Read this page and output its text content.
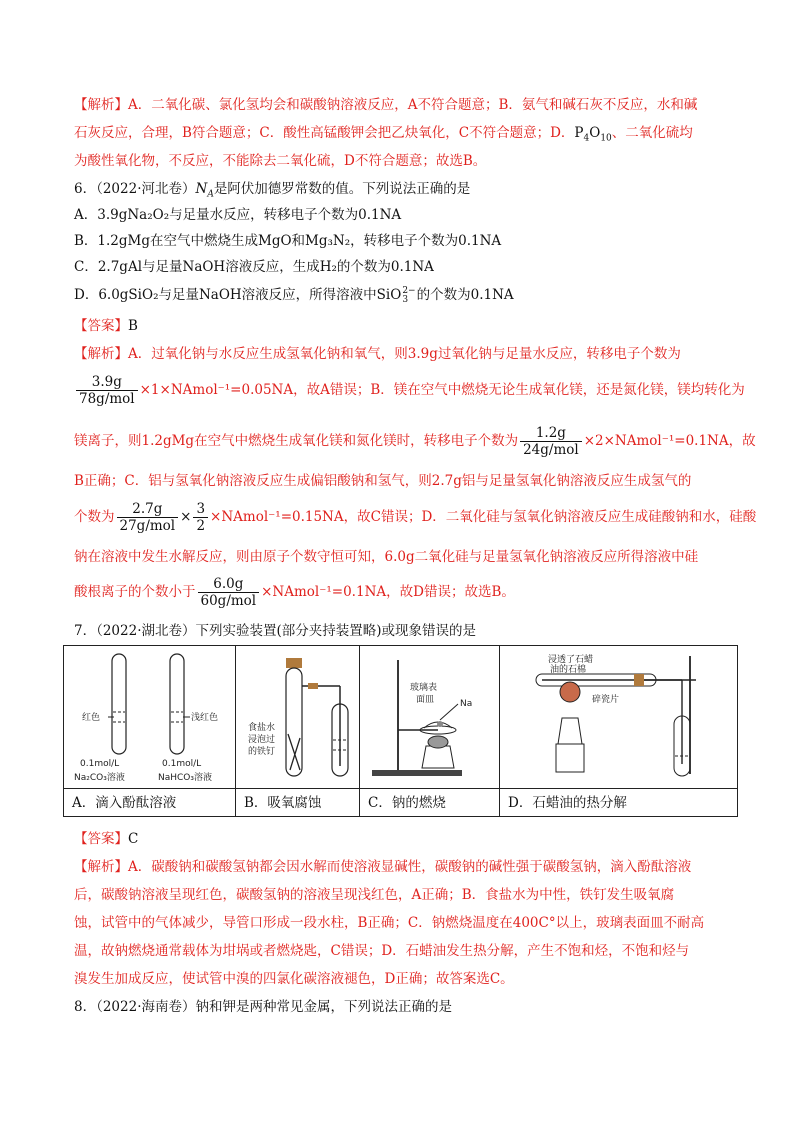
【解析】A．二氧化碳、氯化氢均会和碳酸钠溶液反应，A不符合题意；B．氨气和碱石灰不反应，水和碱
石灰反应，合理，B符合题意；C．酸性高锰酸钾会把乙炔氧化，C不符合题意；D．$P_4O_{10}$、二氧化硫均
为酸性氧化物，不反应，不能除去二氧化硫，D不符合题意；故选B。
6．（2022·河北卷）$N_A$是阿伏加德罗常数的值。下列说法正确的是
A．3.9gNa₂O₂与足量水反应，转移电子个数为0.1NA
B．1.2gMg在空气中燃烧生成MgO和Mg₃N₂，转移电子个数为0.1NA
C．2.7gAl与足量NaOH溶液反应，生成H₂的个数为0.1NA
D．6.0gSiO₂与足量NaOH溶液反应，所得溶液中SiO 2−
3 的个数为0.1NA
【答案】B
【解析】A．过氧化钠与水反应生成氢氧化钠和氧气，则3.9g过氧化钠与足量水反应，转移电子个数为
$\frac{3.9g}{\text{78g/mol}}$ ×1×NAmol⁻¹=0.05NA，故A错误；B．镁在空气中燃烧无论生成氧化镁，还是氮化镁，镁均转化为
镁离子，则1.2gMg在空气中燃烧生成氧化镁和氮化镁时，转移电子个数为 $\frac{1.2g}{\text{24g/mol}}$ ×2×NAmol⁻¹=0.1NA，故
B正确；C．铝与氢氧化钠溶液反应生成偏铝酸钠和氢气，则2.7g铝与足量氢氧化钠溶液反应生成氢气的
个数为 $\frac{2.7g}{\text{27g/mol}} \times \frac{3}{2}$ ×NAmol⁻¹=0.15NA，故C错误；D．二氧化硅与氢氧化钠溶液反应生成硅酸钠和水，硅酸
钠在溶液中发生水解反应，则由原子个数守恒可知，6.0g二氧化硅与足量氢氧化钠溶液反应所得溶液中硅
酸根离子的个数小于 $\frac{6.0g}{\text{60g/mol}}$ ×NAmol⁻¹=0.1NA，故D错误；故选B。
7．（2022·湖北卷）下列实验装置(部分夹持装置略)或现象错误的是
红色	浅红色
0.1mol/L
Na₂CO₃溶液
0.1mol/L
NaHCO₃溶液
A．滴入酚酞溶液
食盐水
浸泡过
的铁钉
B．吸氧腐蚀
玻璃表
面皿	Na
C．钠的燃烧
浸透了石蜡
油的石棉
碎瓷片
D．石蜡油的热分解
【答案】C
【解析】A．碳酸钠和碳酸氢钠都会因水解而使溶液显碱性，碳酸钠的碱性强于碳酸氢钠，滴入酚酞溶液
后，碳酸钠溶液呈现红色，碳酸氢钠的溶液呈现浅红色，A正确；B．食盐水为中性，铁钉发生吸氧腐
蚀，试管中的气体减少，导管口形成一段水柱，B正确；C．钠燃烧温度在400C°以上，玻璃表面皿不耐高
温，故钠燃烧通常载体为坩埚或者燃烧匙，C错误；D．石蜡油发生热分解，产生不饱和烃，不饱和烃与
溴发生加成反应，使试管中溴的四氯化碳溶液褪色，D正确；故答案选C。
8．（2022·海南卷）钠和钾是两种常见金属，下列说法正确的是
